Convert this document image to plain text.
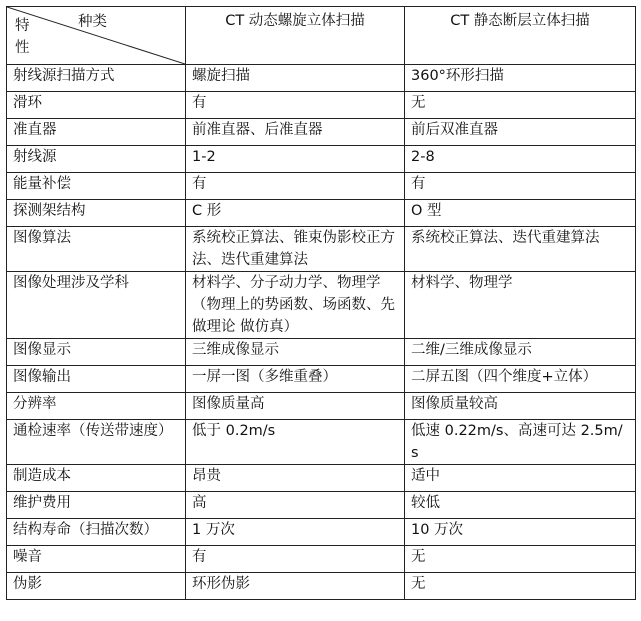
种类
特性	CT 动态螺旋立体扫描	CT 静态断层立体扫描
射线源扫描方式	螺旋扫描	360°环形扫描
滑环	有	无
准直器	前准直器、后准直器	前后双准直器
射线源	1-2	2-8
能量补偿	有	有
探测架结构	C 形	O 型
图像算法	系统校正算法、锥束伪影校正方法、迭代重建算法	系统校正算法、迭代重建算法
图像处理涉及学科	材料学、分子动力学、物理学（物理上的势函数、场函数、先做理论 做仿真）	材料学、物理学
图像显示	三维成像显示	二维/三维成像显示
图像输出	一屏一图（多维重叠）	二屏五图（四个维度+立体）
分辨率	图像质量高	图像质量较高
通检速率（传送带速度）	低于 0.2m/s	低速 0.22m/s、高速可达 2.5m/s
制造成本	昂贵	适中
维护费用	高	较低
结构寿命（扫描次数）	1 万次	10 万次
噪音	有	无
伪影	环形伪影	无
